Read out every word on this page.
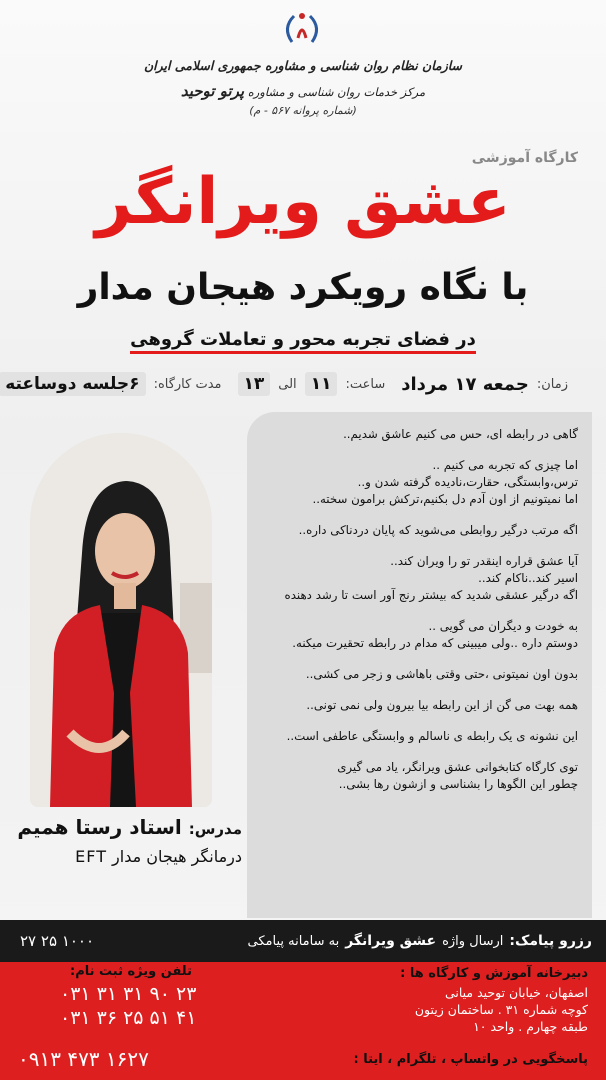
سازمان نظام روان شناسی و مشاوره جمهوری اسلامی ایران
مرکز خدمات روان شناسی و مشاوره پرتو توحید
(شماره پروانه ۵۶۷ - م)
کارگاه آموزشی
عشق ویرانگر
با نگاه رویکرد هیجان مدار
در فضای تجربه محور و تعاملات گروهی
زمان:
جمعه ۱۷ مرداد
ساعت:
۱۱
الی
۱۳
مدت کارگاه:
۶جلسه دوساعته

گاهی در رابطه ای، حس می کنیم عاشق شدیم..

اما چیزی که تجربه می کنیم ..
ترس،وابستگی، حقارت،نادیده گرفته شدن و..
اما نمیتونیم از اون آدم دل بکنیم،ترکش برامون سخته..

اگه مرتب درگیر روابطی می‌شوید که پایان دردناکی داره..

آیا عشق قراره اینقدر تو را ویران کند..
اسیر کند..ناکام کند..
اگه درگیر عشقی شدید که بیشتر رنج آور است تا رشد دهنده

به خودت و دیگران می گویی ..
دوستم داره ..ولی میبینی که مدام در رابطه تحقیرت میکنه.

بدون اون نمیتونی ،حتی وقتی باهاشی و زجر می کشی..

همه بهت می گن از این رابطه بیا بیرون ولی نمی تونی..

این نشونه ی یک رابطه ی ناسالم و وابستگی عاطفی است..

توی کارگاه کتابخوانی عشق ویرانگر، یاد می گیری
چطور این الگوها را بشناسی و ازشون رها بشی..

مدرس: استاد رستا همیم
درمانگر هیجان مدار EFT
رزرو پیامک:
ارسال واژه
عشق ویرانگر
به سامانه پیامکی
۱۰۰۰ ۲۵ ۲۷
دبیرخانه آموزش و کارگاه ها :
اصفهان، خیابان توحید میانی
کوچه شماره ۳۱ . ساختمان زیتون
طبقه چهارم . واحد ۱۰
تلفن ویژه ثبت نام:
۰۳۱ ۳۱ ۳۱ ۹۰ ۲۳
۰۳۱ ۳۶ ۲۵ ۵۱ ۴۱
پاسخگویی در واتساپ ، تلگرام ، ایتا :
۰۹۱۳ ۴۷۳ ۱۶۲۷
